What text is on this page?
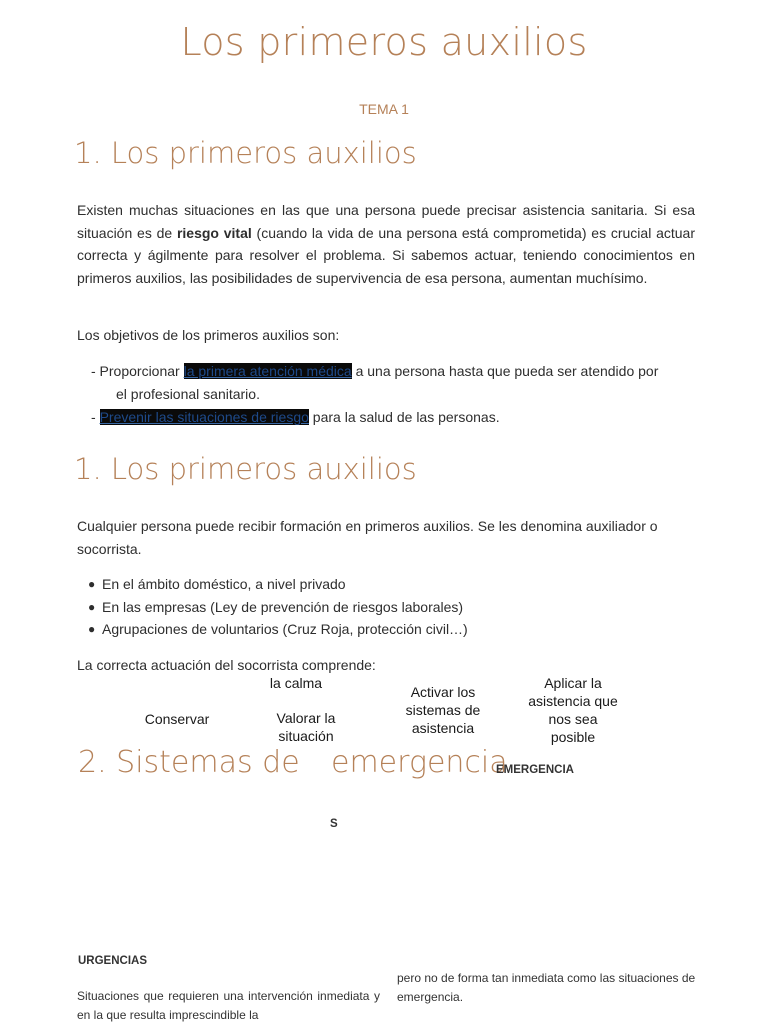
Los primeros auxilios
TEMA 1
1. Los primeros auxilios
Existen muchas situaciones en las que una persona puede precisar asistencia sanitaria. Si esa situación es de riesgo vital (cuando la vida de una persona está comprometida) es crucial actuar correcta y ágilmente para resolver el problema. Si sabemos actuar, teniendo conocimientos en primeros auxilios, las posibilidades de supervivencia de esa persona, aumentan muchísimo.
Los objetivos de los primeros auxilios son:
- Proporcionar la primera atención médica a una persona hasta que pueda ser atendido por
el profesional sanitario.
- Prevenir las situaciones de riesgo para la salud de las personas.
1. Los primeros auxilios
Cualquier persona puede recibir formación en primeros auxilios. Se les denomina auxiliador o socorrista.
● En el ámbito doméstico, a nivel privado
● En las empresas (Ley de prevención de riesgos laborales)
● Agrupaciones de voluntarios (Cruz Roja, protección civil…)
La correcta actuación del socorrista comprende:
Conservar
la calma
Valorar la situación
Activar los sistemas de asistencia
Aplicar la asistencia que nos sea posible
2. Sistemas de emergencia
EMERGENCIA
S
URGENCIAS
Situaciones que requieren una intervención inmediata y en la que resulta imprescindible la
pero no de forma tan inmediata como las situaciones de emergencia.
